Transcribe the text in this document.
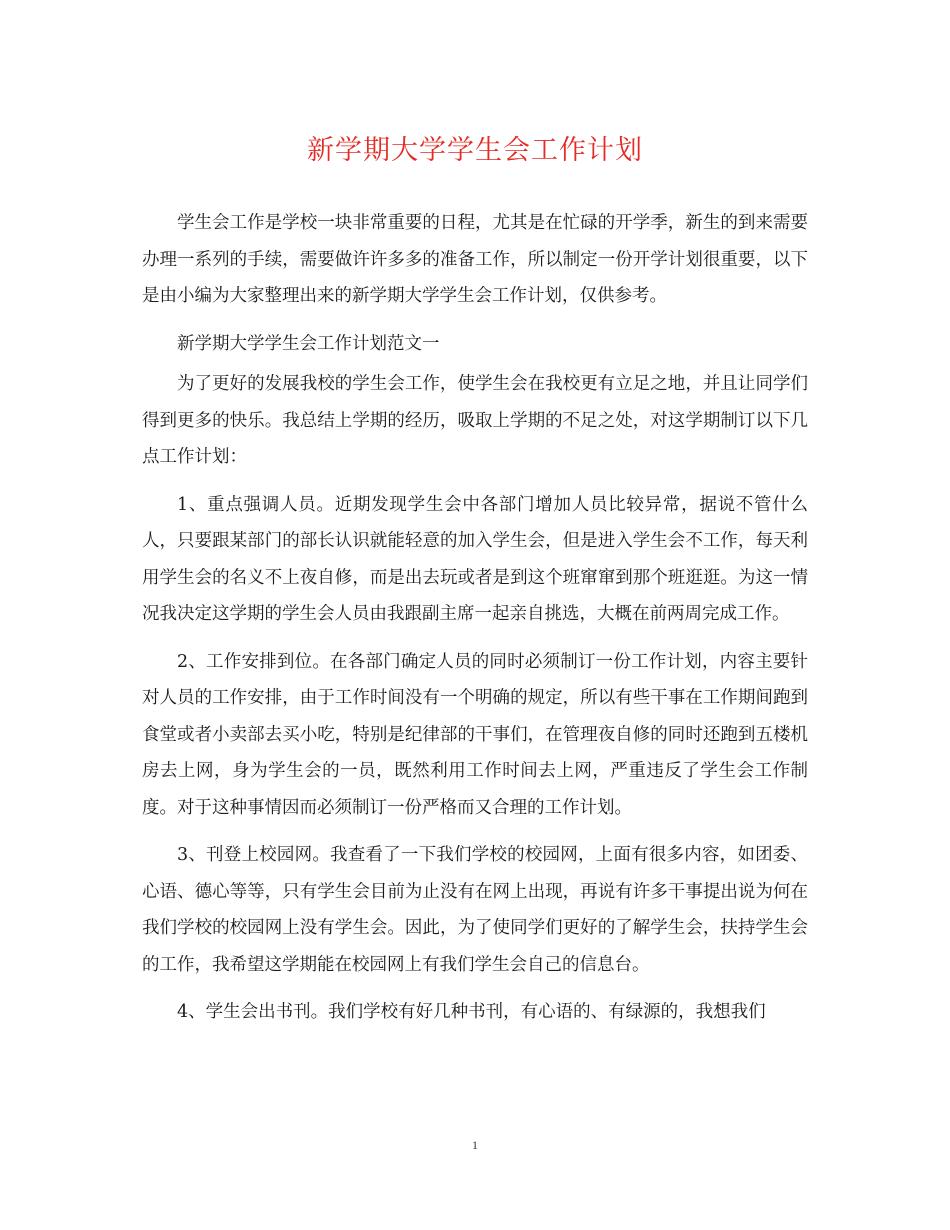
新学期大学学生会工作计划

学生会工作是学校一块非常重要的日程，尤其是在忙碌的开学季，新生的到来需要办理一系列的手续，需要做许许多多的准备工作，所以制定一份开学计划很重要，以下是由小编为大家整理出来的新学期大学学生会工作计划，仅供参考。

新学期大学学生会工作计划范文一

为了更好的发展我校的学生会工作，使学生会在我校更有立足之地，并且让同学们得到更多的快乐。我总结上学期的经历，吸取上学期的不足之处，对这学期制订以下几点工作计划：

1、重点强调人员。近期发现学生会中各部门增加人员比较异常，据说不管什么人，只要跟某部门的部长认识就能轻意的加入学生会，但是进入学生会不工作，每天利用学生会的名义不上夜自修，而是出去玩或者是到这个班窜窜到那个班逛逛。为这一情况我决定这学期的学生会人员由我跟副主席一起亲自挑选，大概在前两周完成工作。

2、工作安排到位。在各部门确定人员的同时必须制订一份工作计划，内容主要针对人员的工作安排，由于工作时间没有一个明确的规定，所以有些干事在工作期间跑到食堂或者小卖部去买小吃，特别是纪律部的干事们，在管理夜自修的同时还跑到五楼机房去上网，身为学生会的一员，既然利用工作时间去上网，严重违反了学生会工作制度。对于这种事情因而必须制订一份严格而又合理的工作计划。

3、刊登上校园网。我查看了一下我们学校的校园网，上面有很多内容，如团委、心语、德心等等，只有学生会目前为止没有在网上出现，再说有许多干事提出说为何在我们学校的校园网上没有学生会。因此，为了使同学们更好的了解学生会，扶持学生会的工作，我希望这学期能在校园网上有我们学生会自己的信息台。

4、学生会出书刊。我们学校有好几种书刊，有心语的、有绿源的，我想我们

1
